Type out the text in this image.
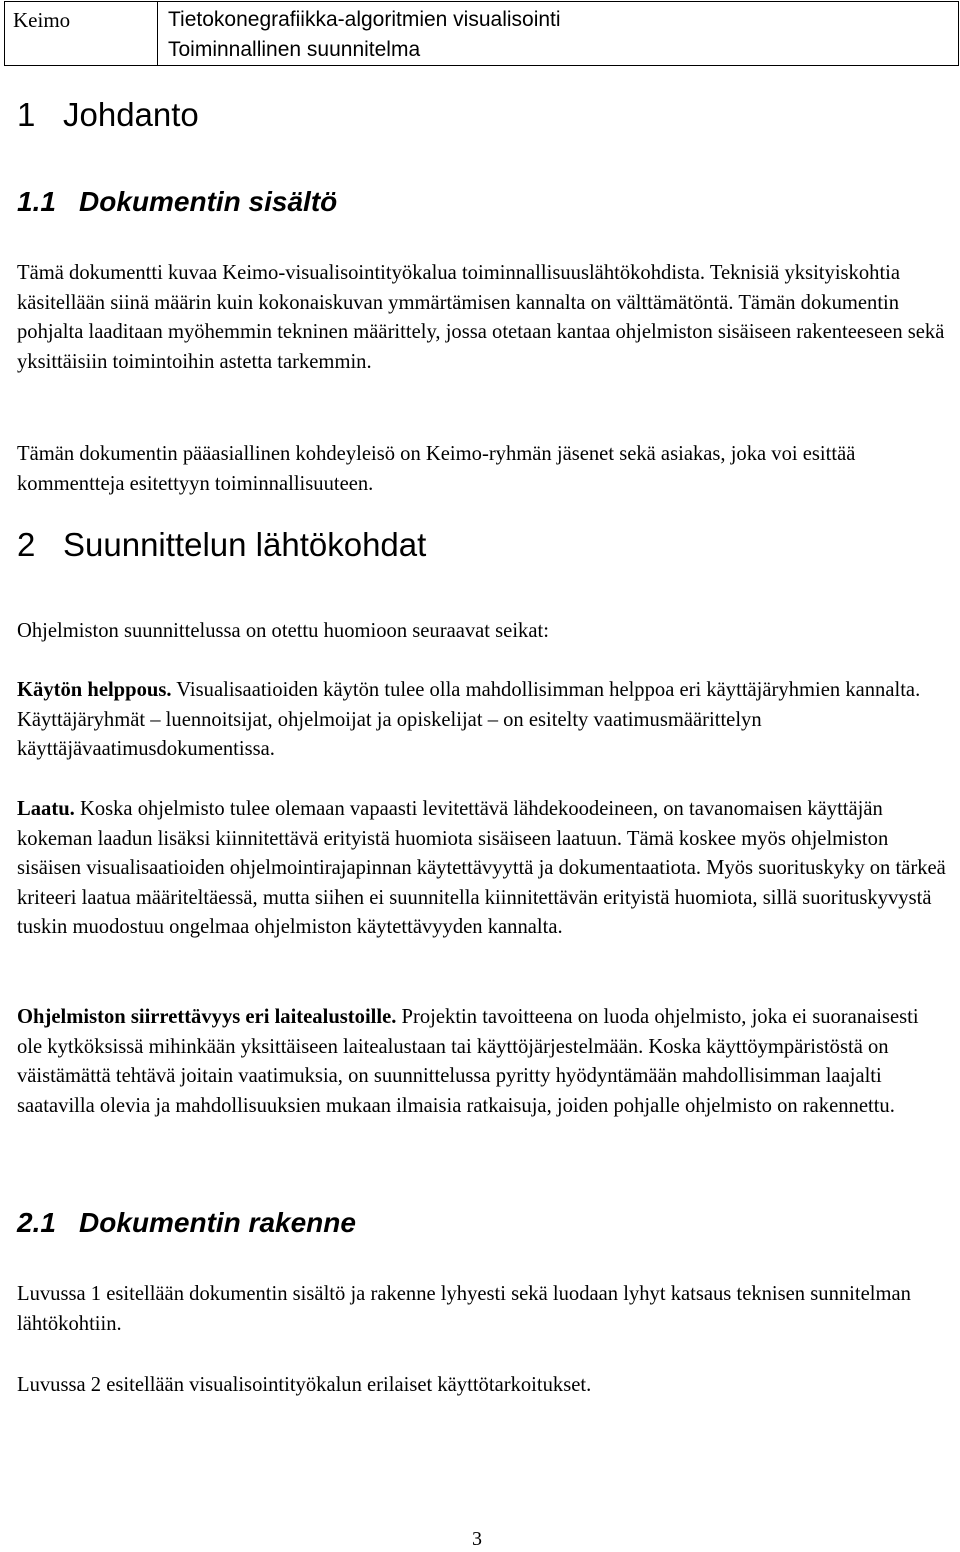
Keimo	Tietokonegrafiikka-algoritmien visualisointi
Toiminnallinen suunnitelma
1 Johdanto
1.1 Dokumentin sisältö

Tämä dokumentti kuvaa Keimo-visualisointityökalua toiminnallisuuslähtökohdista. Teknisiä yksityiskohtia käsitellään siinä määrin kuin kokonaiskuvan ymmärtämisen kannalta on välttämätöntä. Tämän dokumentin pohjalta laaditaan myöhemmin tekninen määrittely, jossa otetaan kantaa ohjelmiston sisäiseen rakenteeseen sekä yksittäisiin toimintoihin astetta tarkemmin.

Tämän dokumentin pääasiallinen kohdeyleisö on Keimo-ryhmän jäsenet sekä asiakas, joka voi esittää kommentteja esitettyyn toiminnallisuuteen.

2 Suunnittelun lähtökohdat

Ohjelmiston suunnittelussa on otettu huomioon seuraavat seikat:

Käytön helppous. Visualisaatioiden käytön tulee olla mahdollisimman helppoa eri käyttäjäryhmien kannalta. Käyttäjäryhmät – luennoitsijat, ohjelmoijat ja opiskelijat – on esitelty vaatimusmäärittelyn käyttäjävaatimusdokumentissa.

Laatu. Koska ohjelmisto tulee olemaan vapaasti levitettävä lähdekoodeineen, on tavanomaisen käyttäjän kokeman laadun lisäksi kiinnitettävä erityistä huomiota sisäiseen laatuun. Tämä koskee myös ohjelmiston sisäisen visualisaatioiden ohjelmointirajapinnan käytettävyyttä ja dokumentaatiota. Myös suorituskyky on tärkeä kriteeri laatua määriteltäessä, mutta siihen ei suunnitella kiinnitettävän erityistä huomiota, sillä suorituskyvystä tuskin muodostuu ongelmaa ohjelmiston käytettävyyden kannalta.

Ohjelmiston siirrettävyys eri laitealustoille. Projektin tavoitteena on luoda ohjelmisto, joka ei suoranaisesti ole kytköksissä mihinkään yksittäiseen laitealustaan tai käyttöjärjestelmään. Koska käyttöympäristöstä on väistämättä tehtävä joitain vaatimuksia, on suunnittelussa pyritty hyödyntämään mahdollisimman laajalti saatavilla olevia ja mahdollisuuksien mukaan ilmaisia ratkaisuja, joiden pohjalle ohjelmisto on rakennettu.

2.1 Dokumentin rakenne

Luvussa 1 esitellään dokumentin sisältö ja rakenne lyhyesti sekä luodaan lyhyt katsaus teknisen sunnitelman lähtökohtiin.

Luvussa 2 esitellään visualisointityökalun erilaiset käyttötarkoitukset.

3
